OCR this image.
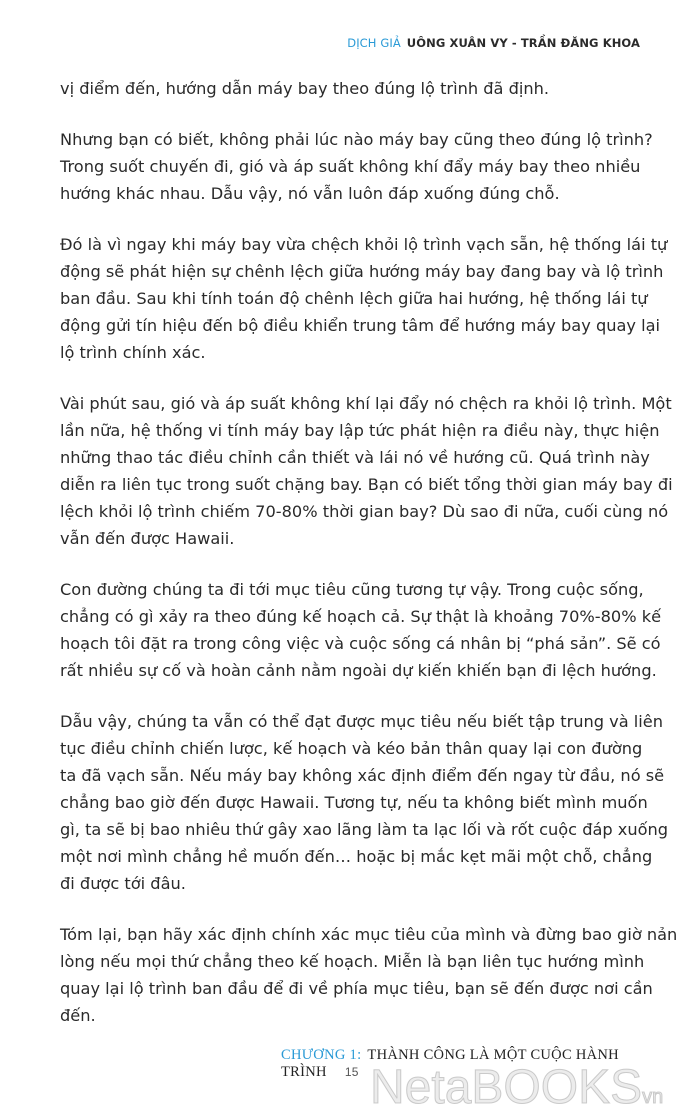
DỊCH GIẢ UÔNG XUÂN VY - TRẦN ĐĂNG KHOA
vị điểm đến, hướng dẫn máy bay theo đúng lộ trình đã định.
Nhưng bạn có biết, không phải lúc nào máy bay cũng theo đúng lộ trình?
Trong suốt chuyến đi, gió và áp suất không khí đẩy máy bay theo nhiều
hướng khác nhau. Dẫu vậy, nó vẫn luôn đáp xuống đúng chỗ.
Đó là vì ngay khi máy bay vừa chệch khỏi lộ trình vạch sẵn, hệ thống lái tự
động sẽ phát hiện sự chênh lệch giữa hướng máy bay đang bay và lộ trình
ban đầu. Sau khi tính toán độ chênh lệch giữa hai hướng, hệ thống lái tự
động gửi tín hiệu đến bộ điều khiển trung tâm để hướng máy bay quay lại
lộ trình chính xác.
Vài phút sau, gió và áp suất không khí lại đẩy nó chệch ra khỏi lộ trình. Một
lần nữa, hệ thống vi tính máy bay lập tức phát hiện ra điều này, thực hiện
những thao tác điều chỉnh cần thiết và lái nó về hướng cũ. Quá trình này
diễn ra liên tục trong suốt chặng bay. Bạn có biết tổng thời gian máy bay đi
lệch khỏi lộ trình chiếm 70-80% thời gian bay? Dù sao đi nữa, cuối cùng nó
vẫn đến được Hawaii.
Con đường chúng ta đi tới mục tiêu cũng tương tự vậy. Trong cuộc sống,
chẳng có gì xảy ra theo đúng kế hoạch cả. Sự thật là khoảng 70%-80% kế
hoạch tôi đặt ra trong công việc và cuộc sống cá nhân bị “phá sản”. Sẽ có
rất nhiều sự cố và hoàn cảnh nằm ngoài dự kiến khiến bạn đi lệch hướng.
Dẫu vậy, chúng ta vẫn có thể đạt được mục tiêu nếu biết tập trung và liên
tục điều chỉnh chiến lược, kế hoạch và kéo bản thân quay lại con đường
ta đã vạch sẵn. Nếu máy bay không xác định điểm đến ngay từ đầu, nó sẽ
chẳng bao giờ đến được Hawaii. Tương tự, nếu ta không biết mình muốn
gì, ta sẽ bị bao nhiêu thứ gây xao lãng làm ta lạc lối và rốt cuộc đáp xuống
một nơi mình chẳng hề muốn đến… hoặc bị mắc kẹt mãi một chỗ, chẳng
đi được tới đâu.
Tóm lại, bạn hãy xác định chính xác mục tiêu của mình và đừng bao giờ nản
lòng nếu mọi thứ chẳng theo kế hoạch. Miễn là bạn liên tục hướng mình
quay lại lộ trình ban đầu để đi về phía mục tiêu, bạn sẽ đến được nơi cần
đến.
CHƯƠNG 1: THÀNH CÔNG LÀ MỘT CUỘC HÀNH TRÌNH 15 NetaBOOKSvn
